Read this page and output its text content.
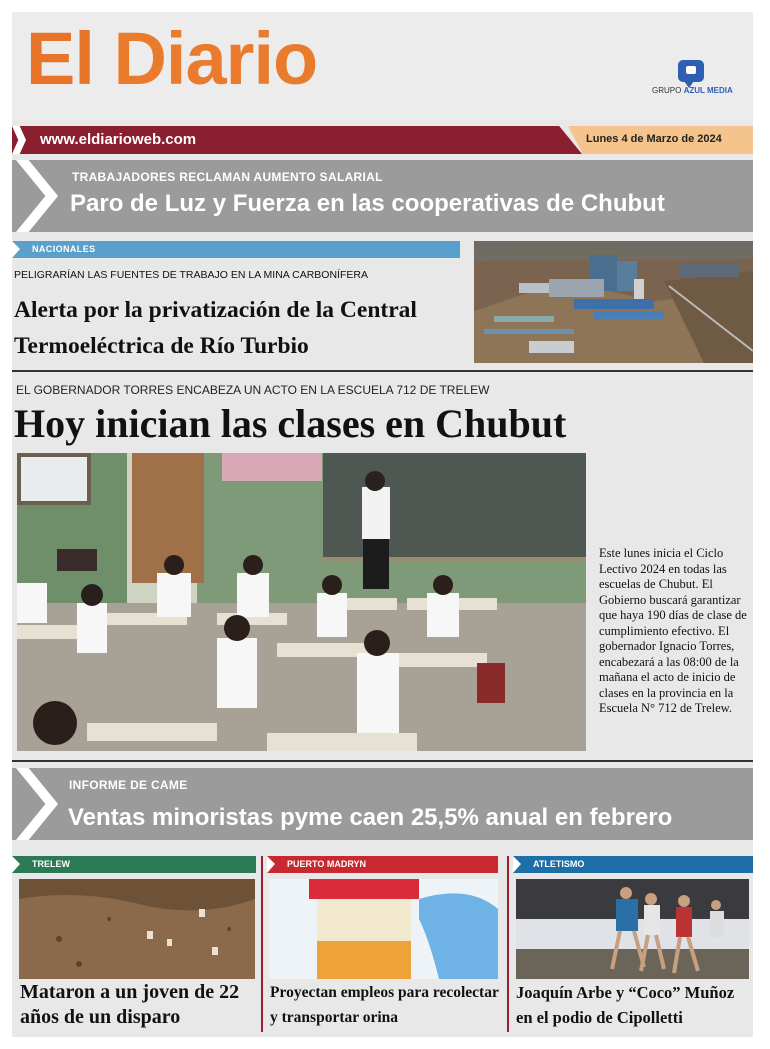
El Diario	GRUPO AZUL MEDIA
www.eldiarioweb.com	Lunes 4 de Marzo de 2024
TRABAJADORES RECLAMAN AUMENTO SALARIAL
Paro de Luz y Fuerza en las cooperativas de Chubut
NACIONALES
PELIGRARÍAN LAS FUENTES DE TRABAJO EN LA MINA CARBONÍFERA
Alerta por la privatización de la Central Termoeléctrica de Río Turbio
EL GOBERNADOR TORRES ENCABEZA UN ACTO EN LA ESCUELA 712 DE TRELEW
Hoy inician las clases en Chubut
Este lunes inicia el Ciclo Lectivo 2024 en todas las escuelas de Chubut. El Gobierno buscará garantizar que haya 190 días de clase de cumplimiento efectivo. El gobernador Ignacio Torres, encabezará a las 08:00 de la mañana el acto de inicio de clases en la provincia en la Escuela N° 712 de Trelew.
INFORME DE CAME
Ventas minoristas pyme caen 25,5% anual en febrero
TRELEW
Mataron a un joven de 22 años de un disparo
PUERTO MADRYN
Proyectan empleos para recolectar y transportar orina
ATLETISMO
Joaquín Arbe y “Coco” Muñoz en el podio de Cipolletti
